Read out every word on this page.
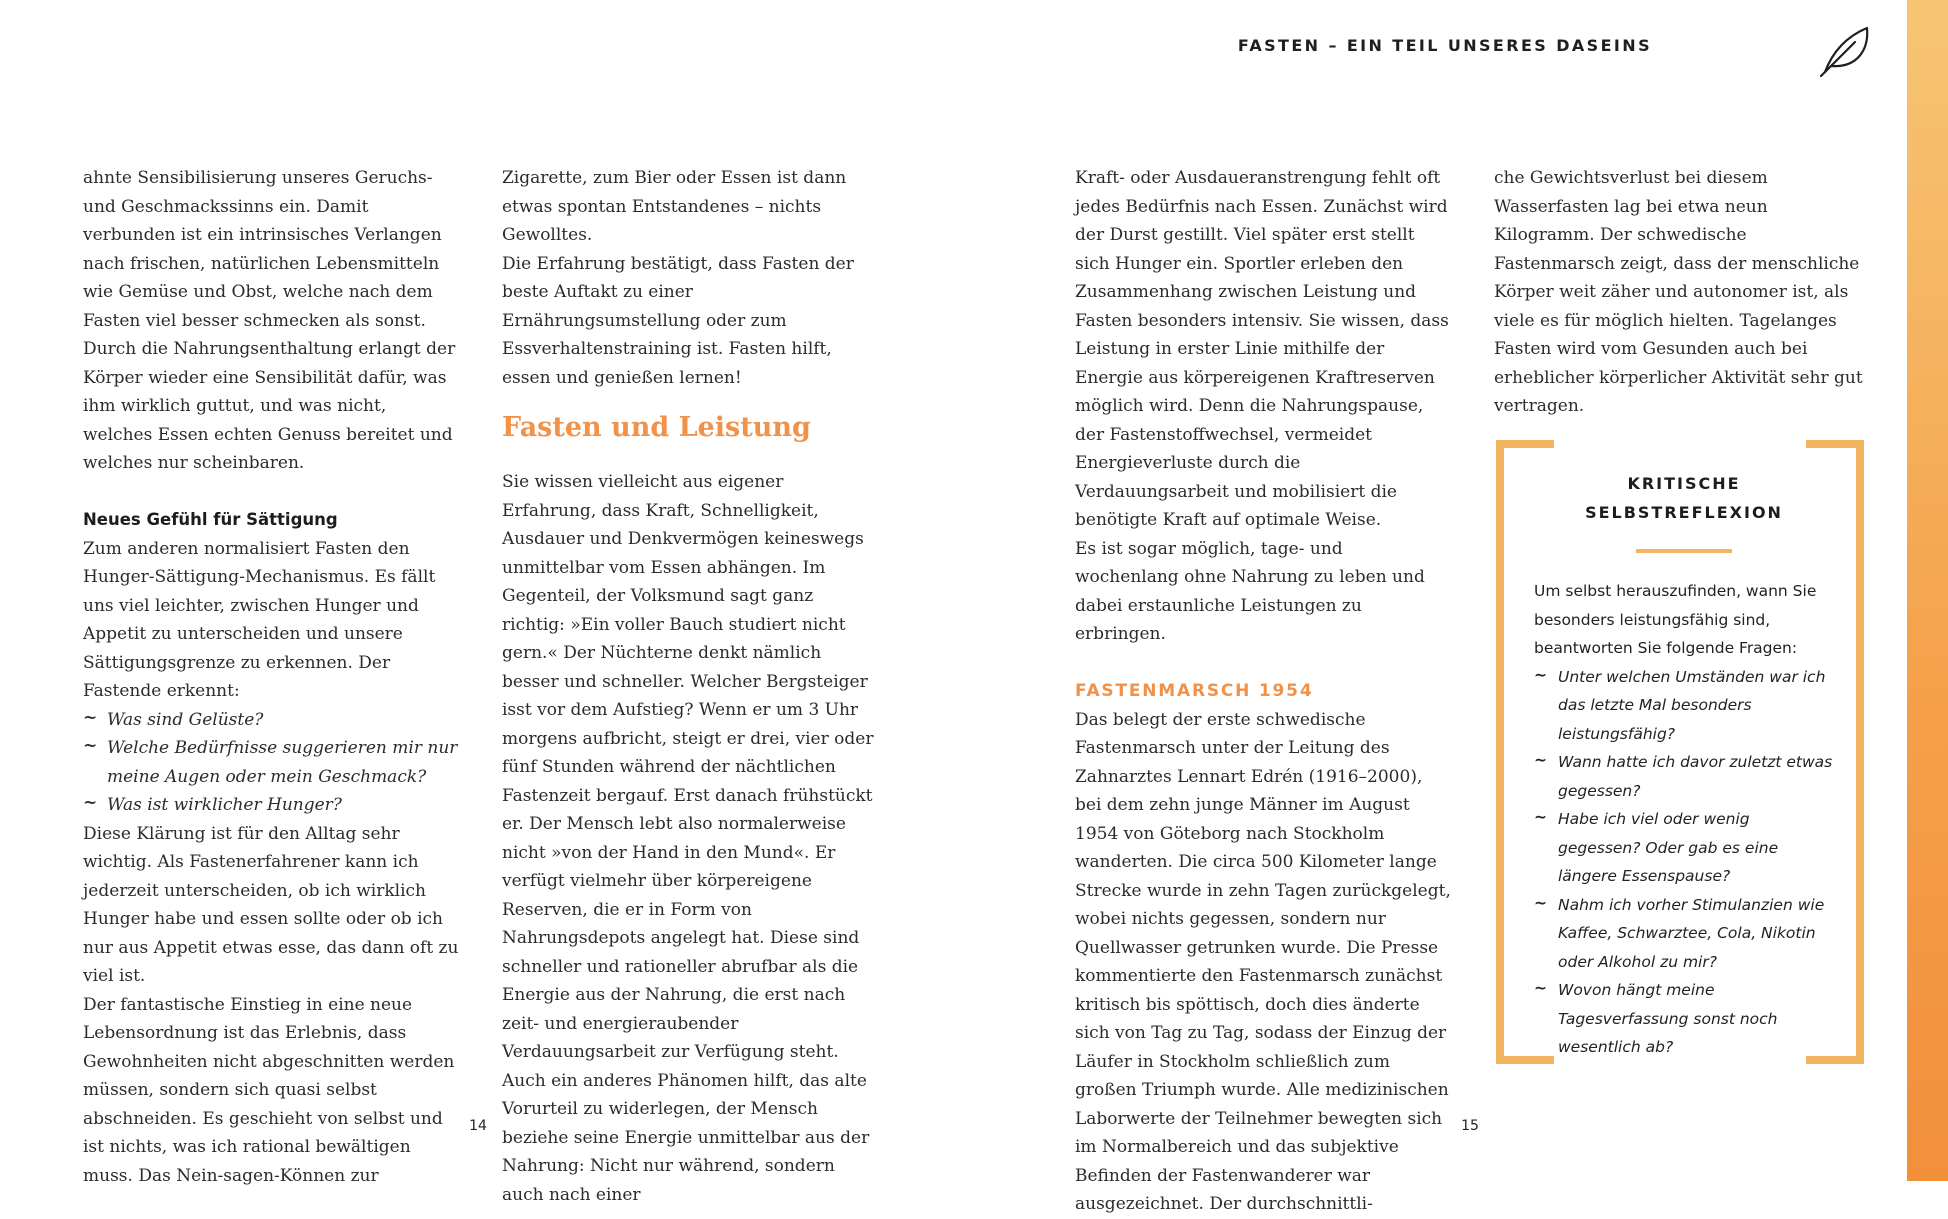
FASTEN – EIN TEIL UNSERES DASEINS

ahnte Sensibilisierung unseres Geruchs- und Geschmackssinns ein. Damit verbunden ist ein intrinsisches Verlangen nach frischen, natürlichen Lebensmitteln wie Gemüse und Obst, welche nach dem Fasten viel besser schmecken als sonst. Durch die Nahrungsenthaltung erlangt der Körper wieder eine Sensibilität dafür, was ihm wirklich guttut, und was nicht, welches Essen echten Genuss bereitet und welches nur scheinbaren.

Neues Gefühl für Sättigung

Zum anderen normalisiert Fasten den Hunger-Sättigung-Mechanismus. Es fällt uns viel leichter, zwischen Hunger und Appetit zu unterscheiden und unsere Sättigungsgrenze zu erkennen. Der Fastende erkennt:

~ Was sind Gelüste?
~ Welche Bedürfnisse suggerieren mir nur meine Augen oder mein Geschmack?
~ Was ist wirklicher Hunger?

Diese Klärung ist für den Alltag sehr wichtig. Als Fastenerfahrener kann ich jederzeit unterscheiden, ob ich wirklich Hunger habe und essen sollte oder ob ich nur aus Appetit etwas esse, das dann oft zu viel ist.

Der fantastische Einstieg in eine neue Lebensordnung ist das Erlebnis, dass Gewohnheiten nicht abgeschnitten werden müssen, sondern sich quasi selbst abschneiden. Es geschieht von selbst und ist nichts, was ich rational bewältigen muss. Das Nein-sagen-Können zur

Zigarette, zum Bier oder Essen ist dann etwas spontan Entstandenes – nichts Gewolltes.

Die Erfahrung bestätigt, dass Fasten der beste Auftakt zu einer Ernährungsumstellung oder zum Essverhaltenstraining ist. Fasten hilft, essen und genießen lernen!

Fasten und Leistung

Sie wissen vielleicht aus eigener Erfahrung, dass Kraft, Schnelligkeit, Ausdauer und Denkvermögen keineswegs unmittelbar vom Essen abhängen. Im Gegenteil, der Volksmund sagt ganz richtig: »Ein voller Bauch studiert nicht gern.« Der Nüchterne denkt nämlich besser und schneller. Welcher Bergsteiger isst vor dem Aufstieg? Wenn er um 3 Uhr morgens aufbricht, steigt er drei, vier oder fünf Stunden während der nächtlichen Fastenzeit bergauf. Erst danach frühstückt er. Der Mensch lebt also normalerweise nicht »von der Hand in den Mund«. Er verfügt vielmehr über körpereigene Reserven, die er in Form von Nahrungsdepots angelegt hat. Diese sind schneller und rationeller abrufbar als die Energie aus der Nahrung, die erst nach zeit- und energieraubender Verdauungsarbeit zur Verfügung steht.

Auch ein anderes Phänomen hilft, das alte Vorurteil zu widerlegen, der Mensch beziehe seine Energie unmittelbar aus der Nahrung: Nicht nur während, sondern auch nach einer

14

Kraft- oder Ausdaueranstrengung fehlt oft jedes Bedürfnis nach Essen. Zunächst wird der Durst gestillt. Viel später erst stellt sich Hunger ein. Sportler erleben den Zusammenhang zwischen Leistung und Fasten besonders intensiv. Sie wissen, dass Leistung in erster Linie mithilfe der Energie aus körpereigenen Kraftreserven möglich wird. Denn die Nahrungspause, der Fastenstoffwechsel, vermeidet Energieverluste durch die Verdauungsarbeit und mobilisiert die benötigte Kraft auf optimale Weise.

Es ist sogar möglich, tage- und wochenlang ohne Nahrung zu leben und dabei erstaunliche Leistungen zu erbringen.

FASTENMARSCH 1954

Das belegt der erste schwedische Fastenmarsch unter der Leitung des Zahnarztes Lennart Edrén (1916–2000), bei dem zehn junge Männer im August 1954 von Göteborg nach Stockholm wanderten. Die circa 500 Kilometer lange Strecke wurde in zehn Tagen zurückgelegt, wobei nichts gegessen, sondern nur Quellwasser getrunken wurde. Die Presse kommentierte den Fastenmarsch zunächst kritisch bis spöttisch, doch dies änderte sich von Tag zu Tag, sodass der Einzug der Läufer in Stockholm schließlich zum großen Triumph wurde. Alle medizinischen Laborwerte der Teilnehmer bewegten sich im Normalbereich und das subjektive Befinden der Fastenwanderer war ausgezeichnet. Der durchschnittli-

che Gewichtsverlust bei diesem Wasserfasten lag bei etwa neun Kilogramm. Der schwedische Fastenmarsch zeigt, dass der menschliche Körper weit zäher und autonomer ist, als viele es für möglich hielten. Tagelanges Fasten wird vom Gesunden auch bei erheblicher körperlicher Aktivität sehr gut vertragen.

KRITISCHE SELBSTREFLEXION

Um selbst herauszufinden, wann Sie besonders leistungsfähig sind, beantworten Sie folgende Fragen:

~ Unter welchen Umständen war ich das letzte Mal besonders leistungsfähig?
~ Wann hatte ich davor zuletzt etwas gegessen?
~ Habe ich viel oder wenig gegessen? Oder gab es eine längere Essenspause?
~ Nahm ich vorher Stimulanzien wie Kaffee, Schwarztee, Cola, Nikotin oder Alkohol zu mir?
~ Wovon hängt meine Tagesverfassung sonst noch wesentlich ab?
15
